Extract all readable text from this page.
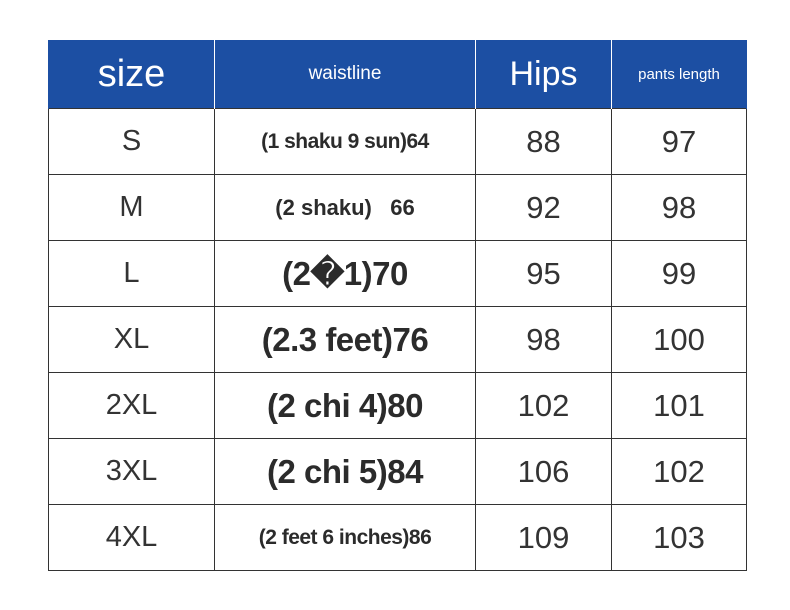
size	waistline	Hips	pants length
S	(1 shaku 9 sun)64	88	97
M	(2 shaku)   66	92	98
L	(2�1)70	95	99
XL	(2.3 feet)76	98	100
2XL	(2 chi 4)80	102	101
3XL	(2 chi 5)84	106	102
4XL	(2 feet 6 inches)86	109	103
